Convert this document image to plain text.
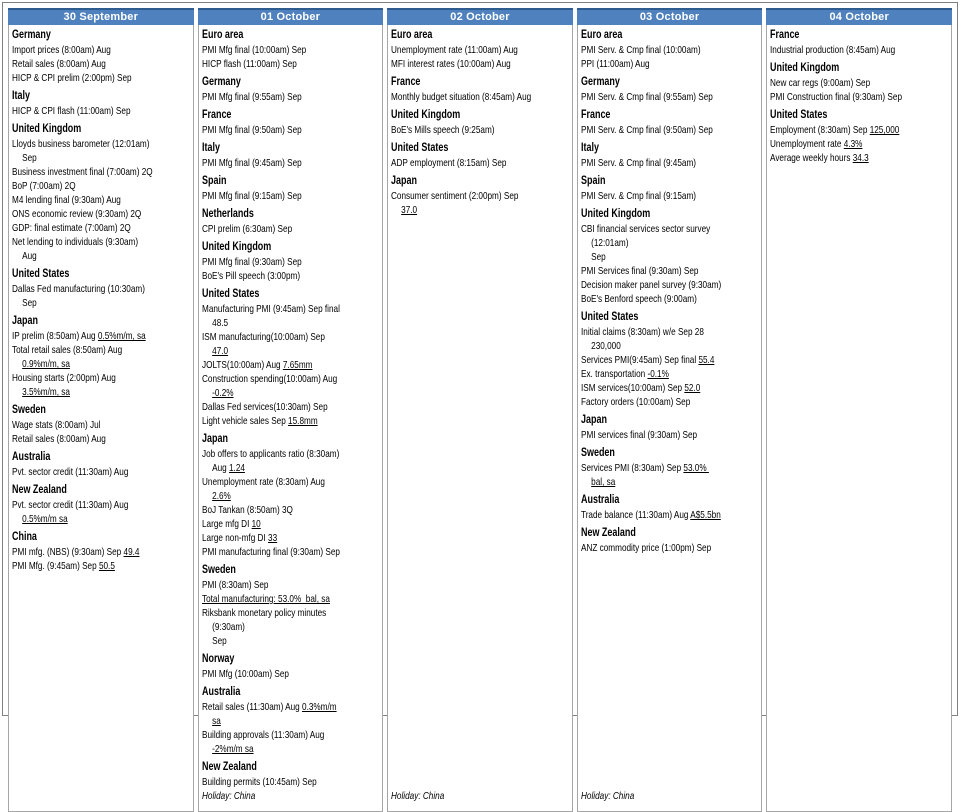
30 September
Germany
Import prices (8:00am) Aug
Retail sales (8:00am) Aug
HICP & CPI prelim (2:00pm) Sep
Italy
HICP & CPI flash (11:00am) Sep
United Kingdom
Lloyds business barometer (12:01am) Sep
Business investment final (7:00am) 2Q
BoP (7:00am) 2Q
M4 lending final (9:30am) Aug
ONS economic review (9:30am) 2Q
GDP: final estimate (7:00am) 2Q
Net lending to individuals (9:30am) Aug
United States
Dallas Fed manufacturing (10:30am) Sep
Japan
IP prelim (8:50am) Aug 0.5%m/m, sa
Total retail sales (8:50am) Aug 0.9%m/m, sa
Housing starts (2:00pm) Aug 3.5%m/m, sa
Sweden
Wage stats (8:00am) Jul
Retail sales (8:00am) Aug
Australia
Pvt. sector credit (11:30am) Aug
New Zealand
Pvt. sector credit (11:30am) Aug 0.5%m/m sa
China
PMI mfg. (NBS) (9:30am) Sep 49.4
PMI Mfg. (9:45am) Sep 50.5
01 October
Euro area
PMI Mfg final (10:00am) Sep
HICP flash (11:00am) Sep
Germany
PMI Mfg final (9:55am) Sep
France
PMI Mfg final (9:50am) Sep
Italy
PMI Mfg final (9:45am) Sep
Spain
PMI Mfg final (9:15am) Sep
Netherlands
CPI prelim (6:30am) Sep
United Kingdom
PMI Mfg final (9:30am) Sep
BoE's Pill speech (3:00pm)
United States
Manufacturing PMI (9:45am) Sep final 48.5
ISM manufacturing(10:00am) Sep 47.0
JOLTS(10:00am) Aug 7.65mm
Construction spending(10:00am) Aug -0.2%
Dallas Fed services(10:30am) Sep
Light vehicle sales Sep 15.8mm
Japan
Job offers to applicants ratio (8:30am) Aug 1.24
Unemployment rate (8:30am) Aug 2.6%
BoJ Tankan (8:50am) 3Q
Large mfg DI 10
Large non-mfg DI 33
PMI manufacturing final (9:30am) Sep
Sweden
PMI (8:30am) Sep
Total manufacturing: 53.0%  bal, sa
Riksbank monetary policy minutes (9:30am)
Sep
Norway
PMI Mfg (10:00am) Sep
Australia
Retail sales (11:30am) Aug 0.3%m/m sa
Building approvals (11:30am) Aug -2%m/m sa
New Zealand
Building permits (10:45am) Sep
Holiday: China
02 October
Euro area
Unemployment rate (11:00am) Aug
MFI interest rates (10:00am) Aug
France
Monthly budget situation (8:45am) Aug
United Kingdom
BoE's Mills speech (9:25am)
United States
ADP employment (8:15am) Sep
Japan
Consumer sentiment (2:00pm) Sep 37.0
Holiday: China
03 October
Euro area
PMI Serv. & Cmp final (10:00am)
PPI (11:00am) Aug
Germany
PMI Serv. & Cmp final (9:55am) Sep
France
PMI Serv. & Cmp final (9:50am) Sep
Italy
PMI Serv. & Cmp final (9:45am)
Spain
PMI Serv. & Cmp final (9:15am)
United Kingdom
CBI financial services sector survey (12:01am)
Sep
PMI Services final (9:30am) Sep
Decision maker panel survey (9:30am)
BoE's Benford speech (9:00am)
United States
Initial claims (8:30am) w/e Sep 28 230,000
Services PMI(9:45am) Sep final 55.4
Ex. transportation -0.1%
ISM services(10:00am) Sep 52.0
Factory orders (10:00am) Sep
Japan
PMI services final (9:30am) Sep
Sweden
Services PMI (8:30am) Sep 53.0%  bal, sa
Australia
Trade balance (11:30am) Aug A$5.5bn
New Zealand
ANZ commodity price (1:00pm) Sep
Holiday: China
04 October
France
Industrial production (8:45am) Aug
United Kingdom
New car regs (9:00am) Sep
PMI Construction final (9:30am) Sep
United States
Employment (8:30am) Sep 125,000
Unemployment rate 4.3%
Average weekly hours 34.3
